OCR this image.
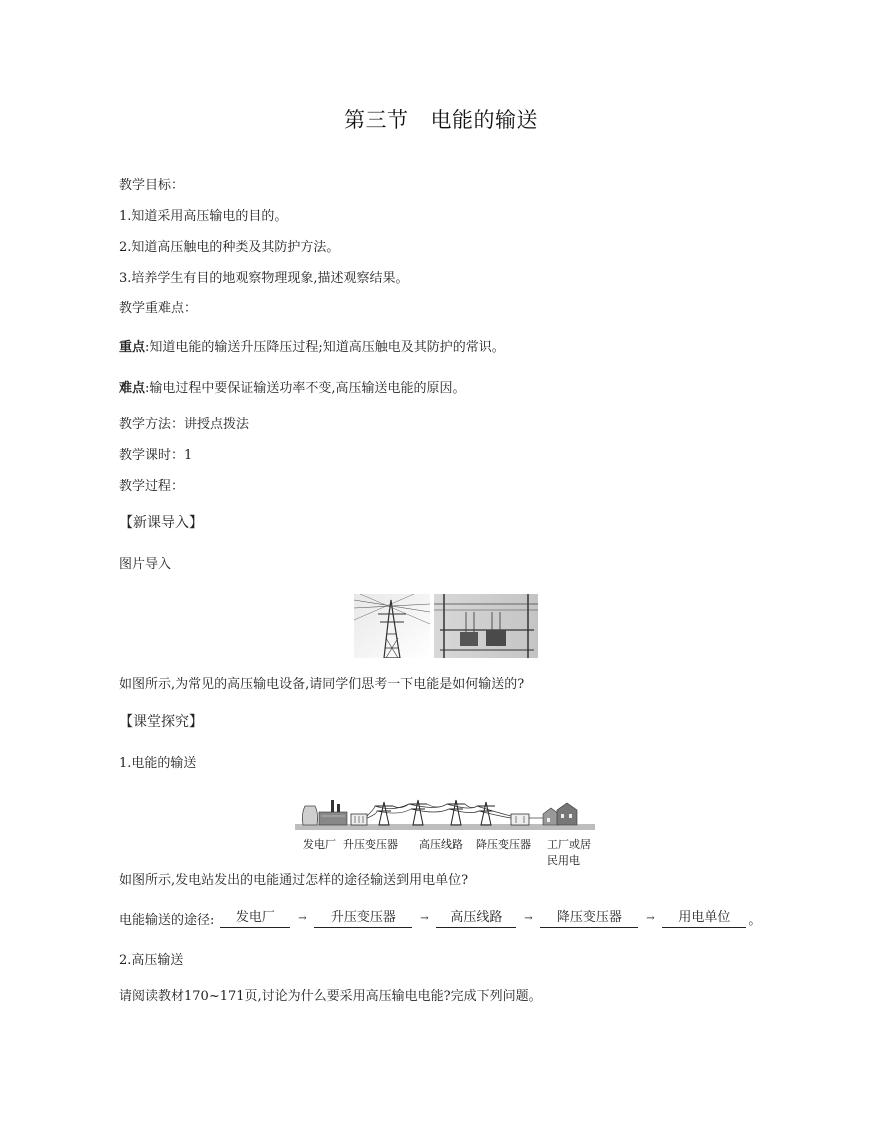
第三节 电能的输送
教学目标：
1.知道采用高压输电的目的。
2.知道高压触电的种类及其防护方法。
3.培养学生有目的地观察物理现象,描述观察结果。
教学重难点：
重点:知道电能的输送升压降压过程;知道高压触电及其防护的常识。
难点:输电过程中要保证输送功率不变,高压输送电能的原因。
教学方法：讲授点拨法
教学课时：1
教学过程：
【新课导入】
图片导入
如图所示,为常见的高压输电设备,请同学们思考一下电能是如何输送的?
【课堂探究】
1.电能的输送
发电厂 升压变压器 高压线路 降压变压器 工厂或居
民用电
如图所示,发电站发出的电能通过怎样的途径输送到用电单位?
电能输送的途径:	发电厂	→	升压变压器	→	高压线路	→	降压变压器	→	用电单位	。
2.高压输送
请阅读教材170~171页,讨论为什么要采用高压输电电能?完成下列问题。
